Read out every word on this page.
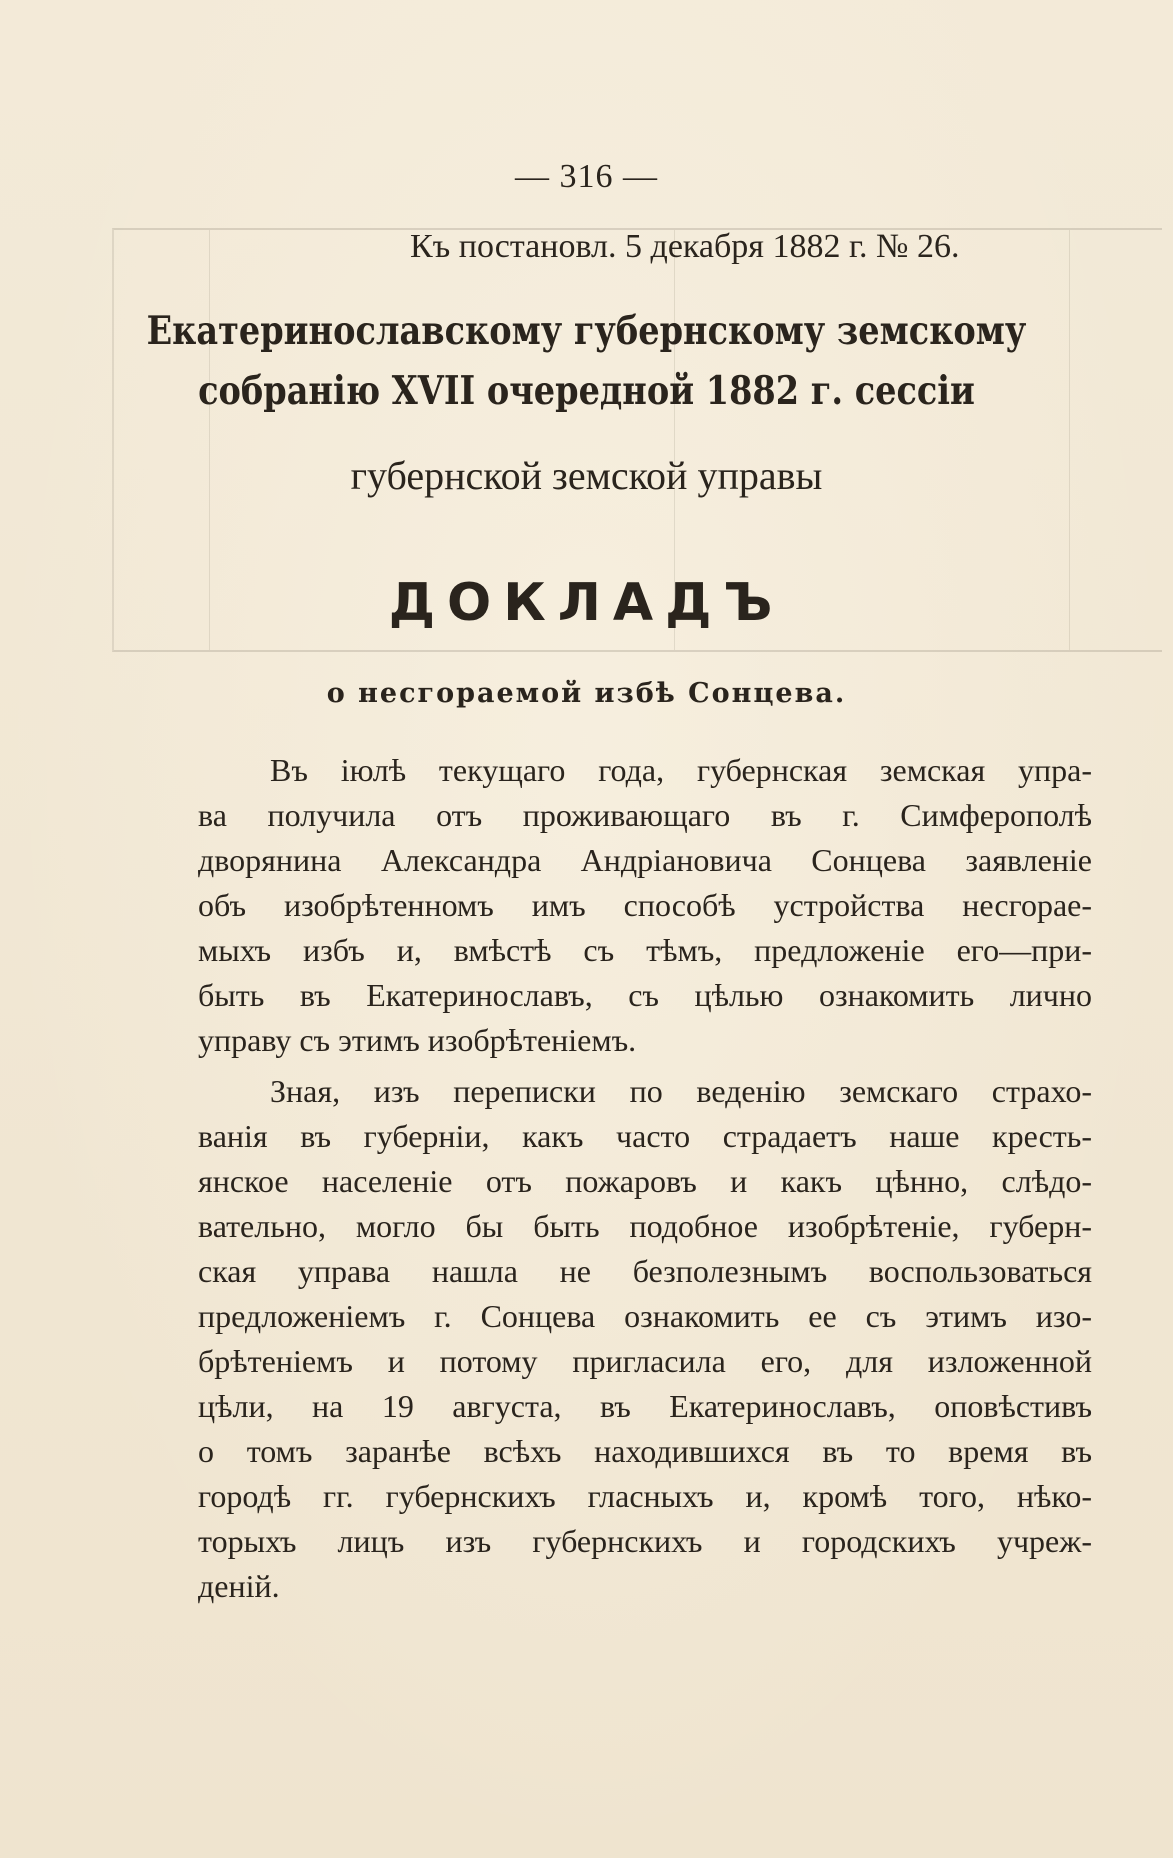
— 316 —
Къ постановл. 5 декабря 1882 г. № 26.
Екатеринославскому губернскому земскому
собранію XVII очередной 1882 г. сессіи
губернской земской управы
ДОКЛАДЪ
о несгораемой избѣ Сонцева.
Въ іюлѣ текущаго года, губернская земская упра-
ва получила отъ проживающаго въ г. Симферополѣ
дворянина Александра Андріановича Сонцева заявленіе
объ изобрѣтенномъ имъ способѣ устройства несгорае-
мыхъ избъ и, вмѣстѣ съ тѣмъ, предложеніе его—при-
быть въ Екатеринославъ, съ цѣлью ознакомить лично
управу съ этимъ изобрѣтеніемъ.
Зная, изъ переписки по веденію земскаго страхо-
ванія въ губерніи, какъ часто страдаетъ наше кресть-
янское населеніе отъ пожаровъ и какъ цѣнно, слѣдо-
вательно, могло бы быть подобное изобрѣтеніе, губерн-
ская управа нашла не безполезнымъ воспользоваться
предложеніемъ г. Сонцева ознакомить ее съ этимъ изо-
брѣтеніемъ и потому пригласила его, для изложенной
цѣли, на 19 августа, въ Екатеринославъ, оповѣстивъ
о томъ заранѣе всѣхъ находившихся въ то время въ
городѣ гг. губернскихъ гласныхъ и, кромѣ того, нѣко-
торыхъ лицъ изъ губернскихъ и городскихъ учреж-
деній.
